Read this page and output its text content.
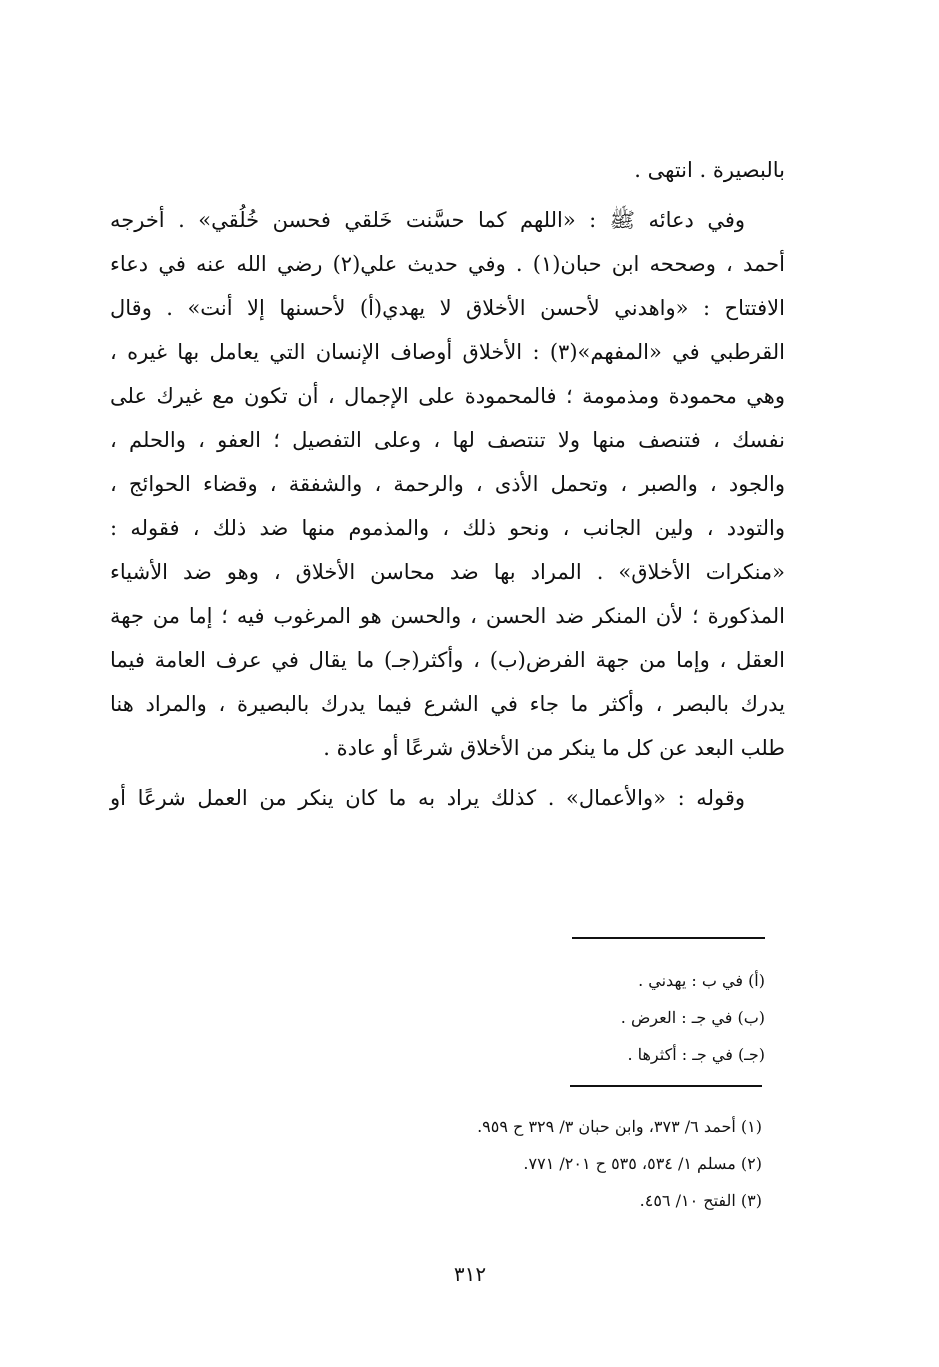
بالبصيرة . انتهى .
وفي دعائه ﷺ : «اللهم كما حسَّنت خَلقي فحسن خُلُقي» . أخرجه
أحمد ، وصححه ابن حبان(١) . وفي حديث علي(٢) رضي الله عنه في دعاء
الافتتاح : «واهدني لأحسن الأخلاق لا يهدي(أ) لأحسنها إلا أنت» . وقال
القرطبي في «المفهم»(٣) : الأخلاق أوصاف الإنسان التي يعامل بها غيره ،
وهي محمودة ومذمومة ؛ فالمحمودة على الإجمال ، أن تكون مع غيرك على
نفسك ، فتنصف منها ولا تنتصف لها ، وعلى التفصيل ؛ العفو ، والحلم ،
والجود ، والصبر ، وتحمل الأذى ، والرحمة ، والشفقة ، وقضاء الحوائج ،
والتودد ، ولين الجانب ، ونحو ذلك ، والمذموم منها ضد ذلك ، فقوله :
«منكرات الأخلاق» . المراد بها ضد محاسن الأخلاق ، وهو ضد الأشياء
المذكورة ؛ لأن المنكر ضد الحسن ، والحسن هو المرغوب فيه ؛ إما من جهة
العقل ، وإما من جهة الفرض(ب) ، وأكثر(جـ) ما يقال في عرف العامة فيما
يدرك بالبصر ، وأكثر ما جاء في الشرع فيما يدرك بالبصيرة ، والمراد هنا
طلب البعد عن كل ما ينكر من الأخلاق شرعًا أو عادة .
وقوله : «والأعمال» . كذلك يراد به ما كان ينكر من العمل شرعًا أو
(أ) في ب : يهدني .
(ب) في جـ : العرض .
(جـ) في جـ : أكثرها .
(١) أحمد ٦/ ٣٧٣، وابن حبان ٣/ ٣٢٩ ح ٩٥٩.
(٢) مسلم ١/ ٥٣٤، ٥٣٥ ح ٢٠١/ ٧٧١.
(٣) الفتح ١٠/ ٤٥٦.
٣١٢
